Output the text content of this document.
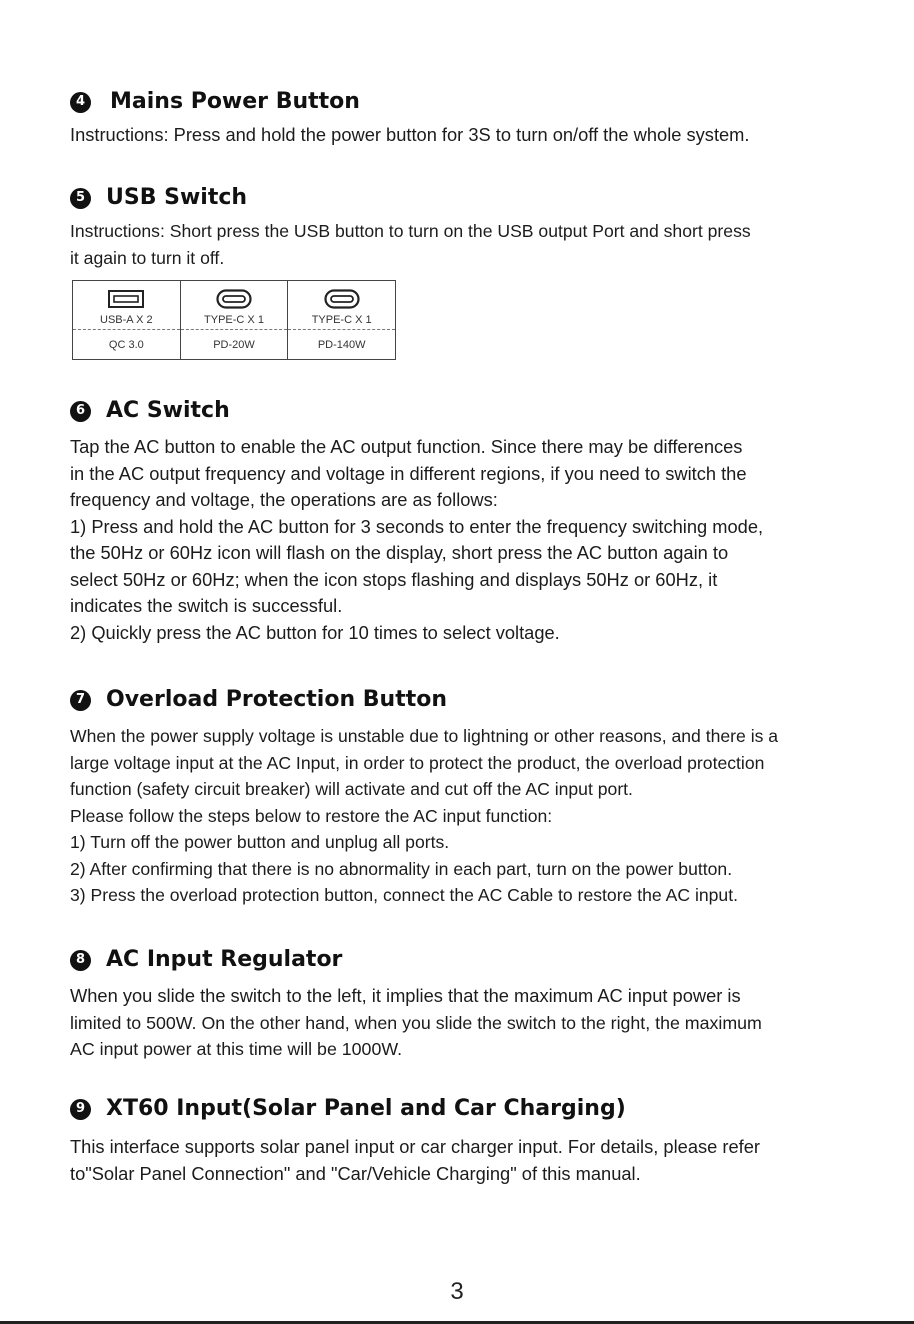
4 Mains Power Button

Instructions: Press and hold the power button for 3S to turn on/off the whole system.

5 USB Switch

Instructions: Short press the USB button to turn on the USB output Port and short press

it again to turn it off.

USB-A X 2	TYPE-C X 1	TYPE-C X 1

QC 3.0	PD-20W	PD-140W
6 AC Switch

Tap the AC button to enable the AC output function. Since there may be differences

in the AC output frequency and voltage in different regions, if you need to switch the

frequency and voltage, the operations are as follows:

1) Press and hold the AC button for 3 seconds to enter the frequency switching mode,

the 50Hz or 60Hz icon will flash on the display, short press the AC button again to

select 50Hz or 60Hz; when the icon stops flashing and displays 50Hz or 60Hz, it

indicates the switch is successful.

2) Quickly press the AC button for 10 times to select voltage.

7 Overload Protection Button

When the power supply voltage is unstable due to lightning or other reasons, and there is a

large voltage input at the AC Input, in order to protect the product, the overload protection

function (safety circuit breaker) will activate and cut off the AC input port.

Please follow the steps below to restore the AC input function:

1) Turn off the power button and unplug all ports.

2) After confirming that there is no abnormality in each part, turn on the power button.

3) Press the overload protection button, connect the AC Cable to restore the AC input.

8 AC Input Regulator

When you slide the switch to the left, it implies that the maximum AC input power is

limited to 500W. On the other hand, when you slide the switch to the right, the maximum

AC input power at this time will be 1000W.

9 XT60 Input(Solar Panel and Car Charging)

This interface supports solar panel input or car charger input. For details, please refer

to"Solar Panel Connection" and "Car/Vehicle Charging" of this manual.

3
